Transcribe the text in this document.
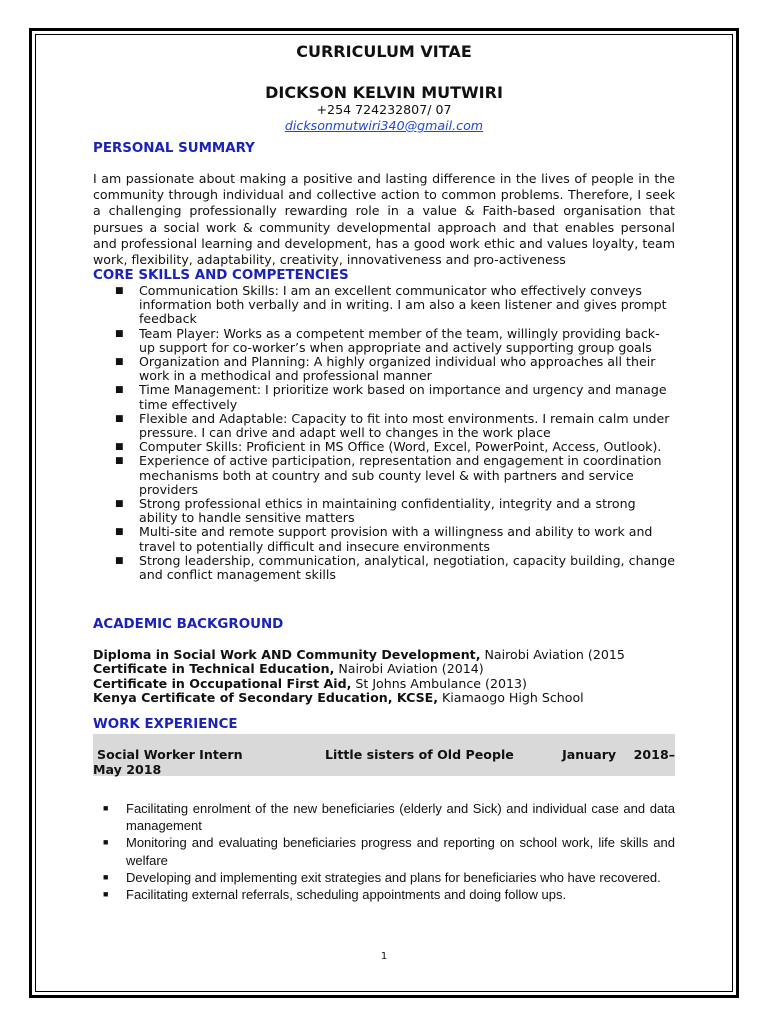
CURRICULUM VITAE
DICKSON KELVIN MUTWIRI
+254 724232807/ 07
dicksonmutwiri340@gmail.com
PERSONAL SUMMARY
I am passionate about making a positive and lasting difference in the lives of people in the community through individual and collective action to common problems. Therefore, I seek a challenging professionally rewarding role in a value & Faith-based organisation that pursues a social work & community developmental approach and that enables personal and professional learning and development, has a good work ethic and values loyalty, team work, flexibility, adaptability, creativity, innovativeness and pro-activeness
CORE SKILLS AND COMPETENCIES
■ Communication Skills: I am an excellent communicator who effectively conveys information both verbally and in writing. I am also a keen listener and gives prompt feedback
■ Team Player: Works as a competent member of the team, willingly providing back-up support for co-worker’s when appropriate and actively supporting group goals
■ Organization and Planning: A highly organized individual who approaches all their work in a methodical and professional manner
■ Time Management: I prioritize work based on importance and urgency and manage time effectively
■ Flexible and Adaptable: Capacity to fit into most environments. I remain calm under pressure. I can drive and adapt well to changes in the work place
■ Computer Skills: Proficient in MS Office (Word, Excel, PowerPoint, Access, Outlook).
■ Experience of active participation, representation and engagement in coordination mechanisms both at country and sub county level & with partners and service providers
■ Strong professional ethics in maintaining confidentiality, integrity and a strong ability to handle sensitive matters
■ Multi-site and remote support provision with a willingness and ability to work and travel to potentially difficult and insecure environments
■ Strong leadership, communication, analytical, negotiation, capacity building, change and conflict management skills
ACADEMIC BACKGROUND
Diploma in Social Work AND Community Development, Nairobi Aviation (2015
Certificate in Technical Education, Nairobi Aviation (2014)
Certificate in Occupational First Aid, St Johns Ambulance (2013)
Kenya Certificate of Secondary Education, KCSE, Kiamaogo High School
WORK EXPERIENCE
Social Worker Intern	Little sisters of Old People	January    2018–
May 2018
■ Facilitating enrolment of the new beneficiaries (elderly and Sick) and individual case and data management
■ Monitoring and evaluating beneficiaries progress and reporting on school work, life skills and welfare
■ Developing and implementing exit strategies and plans for beneficiaries who have recovered.
■ Facilitating external referrals, scheduling appointments and doing follow ups.
1
